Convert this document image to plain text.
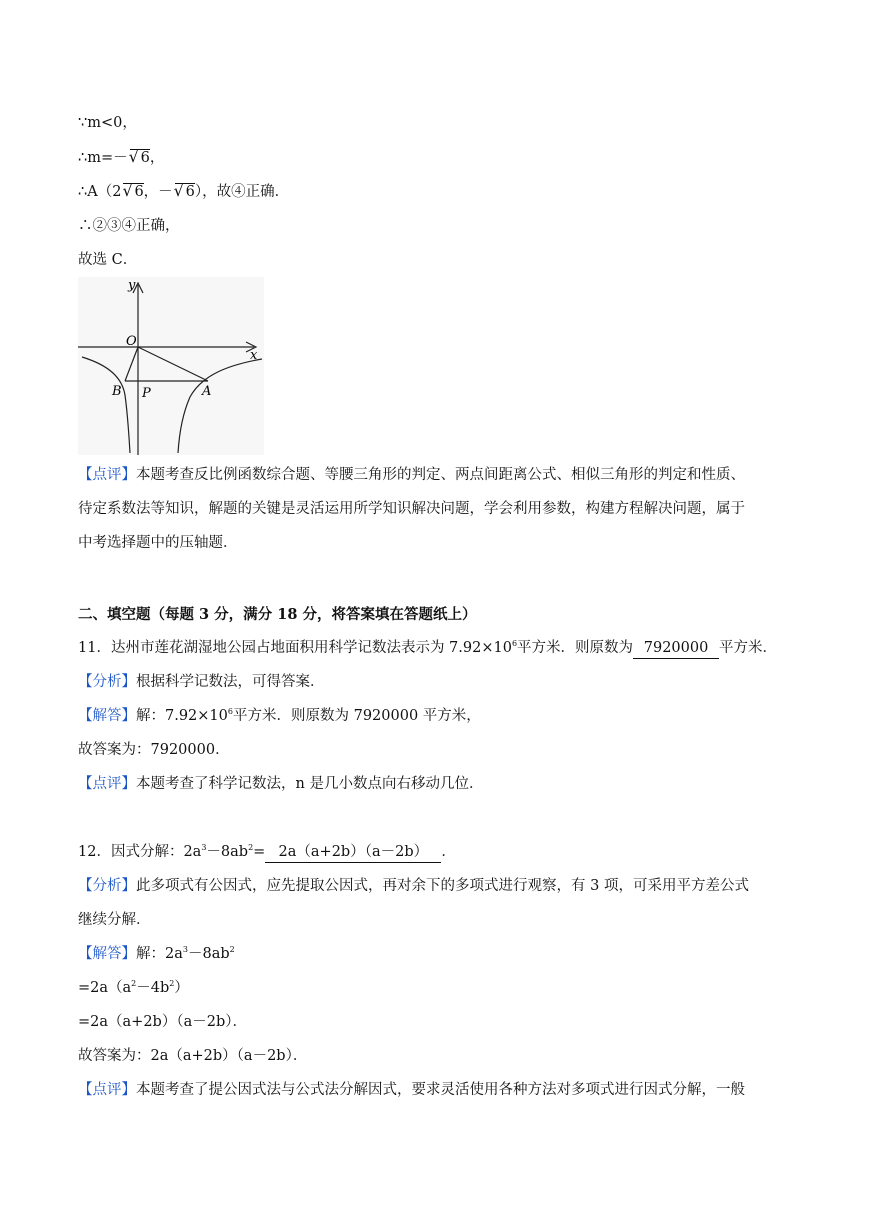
∵m<0，
∴m=－ √ 6，
∴A（2 √ 6，－ √ 6），故④正确．
∴②③④正确，
故选 C．
y
x
O
B P	A
【点评】本题考查反比例函数综合题、等腰三角形的判定、两点间距离公式、相似三角形的判定和性质、
待定系数法等知识，解题的关键是灵活运用所学知识解决问题，学会利用参数，构建方程解决问题，属于
中考选择题中的压轴题．
二、填空题（每题 3 分，满分 18 分，将答案填在答题纸上）
11．达州市莲花湖湿地公园占地面积用科学记数法表示为 $7.92\times 10^6$平方米．则原数为 7920000 平方米．
【分析】根据科学记数法，可得答案．
【解答】解：$7.92\times 10^6$平方米．则原数为 7920000 平方米，
故答案为：7920000．
【点评】本题考查了科学记数法，n 是几小数点向右移动几位．
12．因式分解：$2a^3-8ab^2= 2a(a+2b)(a-2b)$ ．
【分析】此多项式有公因式，应先提取公因式，再对余下的多项式进行观察，有 3 项，可采用平方差公式
继续分解．
【解答】解：$2a^3-8ab^2$
$=2a(a^2-4b^2)$
=2a（a+2b）（a－2b）．
故答案为：2a（a+2b）（a－2b）．
【点评】本题考查了提公因式法与公式法分解因式，要求灵活使用各种方法对多项式进行因式分解，一般
